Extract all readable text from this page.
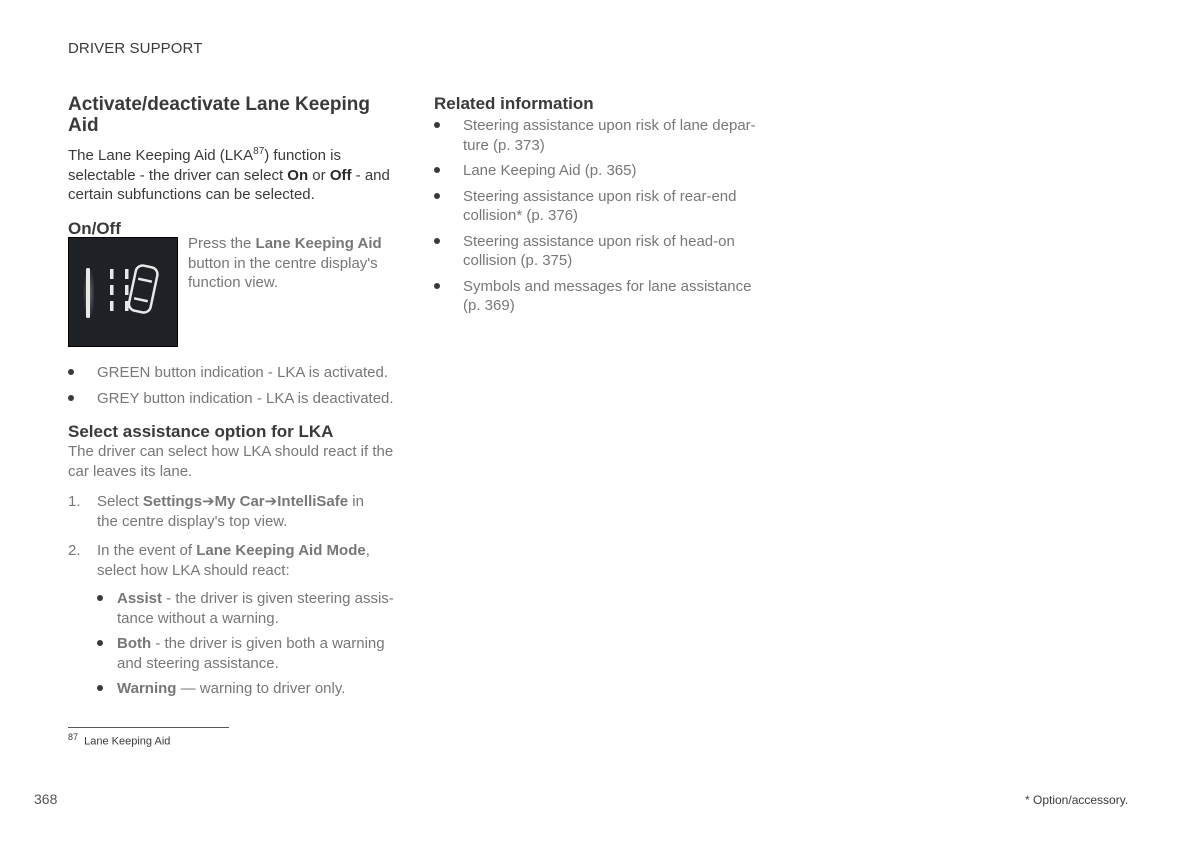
DRIVER SUPPORT
Activate/deactivate Lane Keeping
Aid

The Lane Keeping Aid (LKA$^{87}$) function is
selectable - the driver can select On or Off - and
certain subfunctions can be selected.

On/Off
Press the Lane Keeping Aid
button in the centre display's
function view.
GREEN button indication - LKA is activated.
GREY button indication - LKA is deactivated.
Select assistance option for LKA

The driver can select how LKA should react if the
car leaves its lane.

1. Select Settings➔My Car➔IntelliSafe in
the centre display's top view.
2. In the event of Lane Keeping Aid Mode,
select how LKA should react:
Assist - the driver is given steering assis-
tance without a warning.
Both - the driver is given both a warning
and steering assistance.
Warning — warning to driver only.
Related information
Steering assistance upon risk of lane depar-
ture (p. 373)
Lane Keeping Aid (p. 365)
Steering assistance upon risk of rear-end
collision* (p. 376)
Steering assistance upon risk of head-on
collision (p. 375)
Symbols and messages for lane assistance
(p. 369)
$^{87}$ Lane Keeping Aid
368	* Option/accessory.
